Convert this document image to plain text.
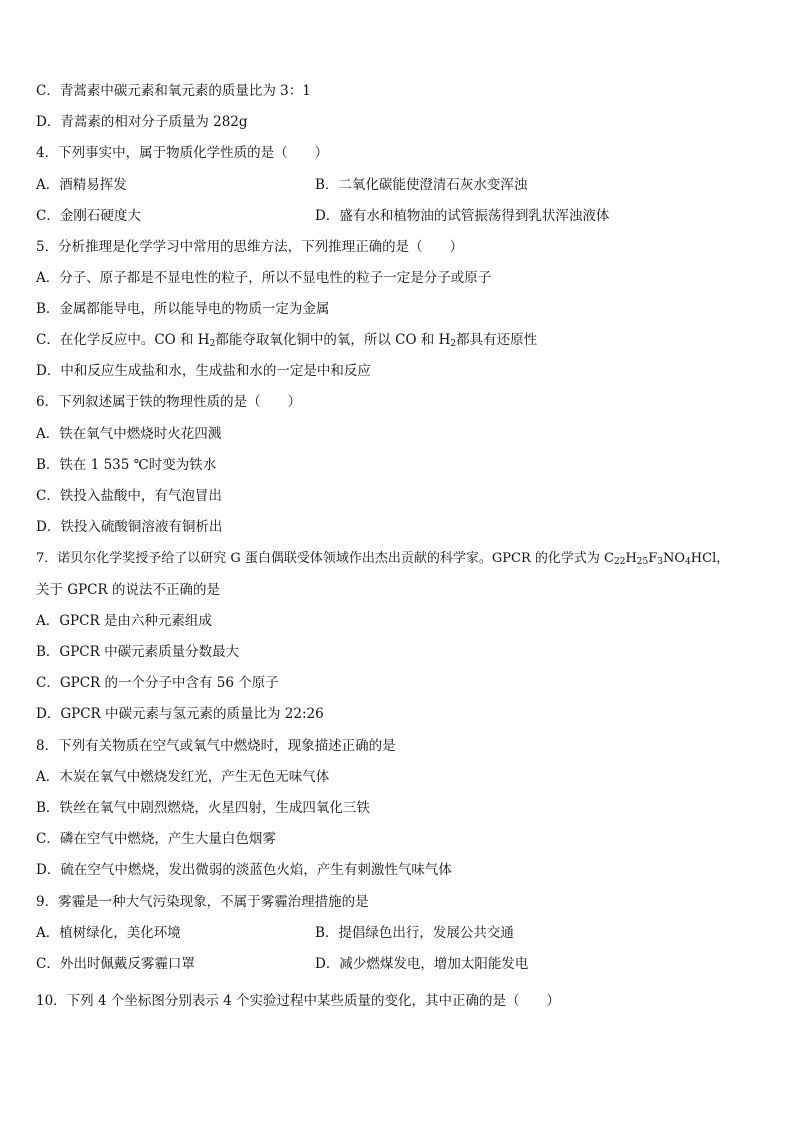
C．青蒿素中碳元素和氧元素的质量比为 3：1
D．青蒿素的相对分子质量为 282g
4．下列事实中，属于物质化学性质的是（　　）
A．酒精易挥发	B．二氧化碳能使澄清石灰水变浑浊
C．金刚石硬度大	D．盛有水和植物油的试管振荡得到乳状浑浊液体
5．分析推理是化学学习中常用的思维方法，下列推理正确的是（　　）
A．分子、原子都是不显电性的粒子，所以不显电性的粒子一定是分子或原子
B．金属都能导电，所以能导电的物质一定为金属
C．在化学反应中。CO 和 $H_2$都能夺取氧化铜中的氧，所以 CO 和 $H_2$都具有还原性
D．中和反应生成盐和水，生成盐和水的一定是中和反应
6．下列叙述属于铁的物理性质的是（　　）
A．铁在氧气中燃烧时火花四溅
B．铁在 1 535 ℃时变为铁水
C．铁投入盐酸中，有气泡冒出
D．铁投入硫酸铜溶液有铜析出
7．诺贝尔化学奖授予给了以研究 G 蛋白偶联受体领域作出杰出贡献的科学家。GPCR 的化学式为 $C_{22}H_{25}F_3NO_4HCl$，
关于 GPCR 的说法不正确的是
A．GPCR 是由六种元素组成
B．GPCR 中碳元素质量分数最大
C．GPCR 的一个分子中含有 56 个原子
D．GPCR 中碳元素与氢元素的质量比为 22:26
8．下列有关物质在空气或氧气中燃烧时，现象描述正确的是
A．木炭在氧气中燃烧发红光，产生无色无味气体
B．铁丝在氧气中剧烈燃烧，火星四射，生成四氧化三铁
C．磷在空气中燃烧，产生大量白色烟雾
D．硫在空气中燃烧，发出微弱的淡蓝色火焰，产生有刺激性气味气体
9．雾霾是一种大气污染现象，不属于雾霾治理措施的是
A．植树绿化，美化环境	B．提倡绿色出行，发展公共交通
C．外出时佩戴反雾霾口罩	D．减少燃煤发电，增加太阳能发电
10．下列 4 个坐标图分别表示 4 个实验过程中某些质量的变化，其中正确的是（　　）
